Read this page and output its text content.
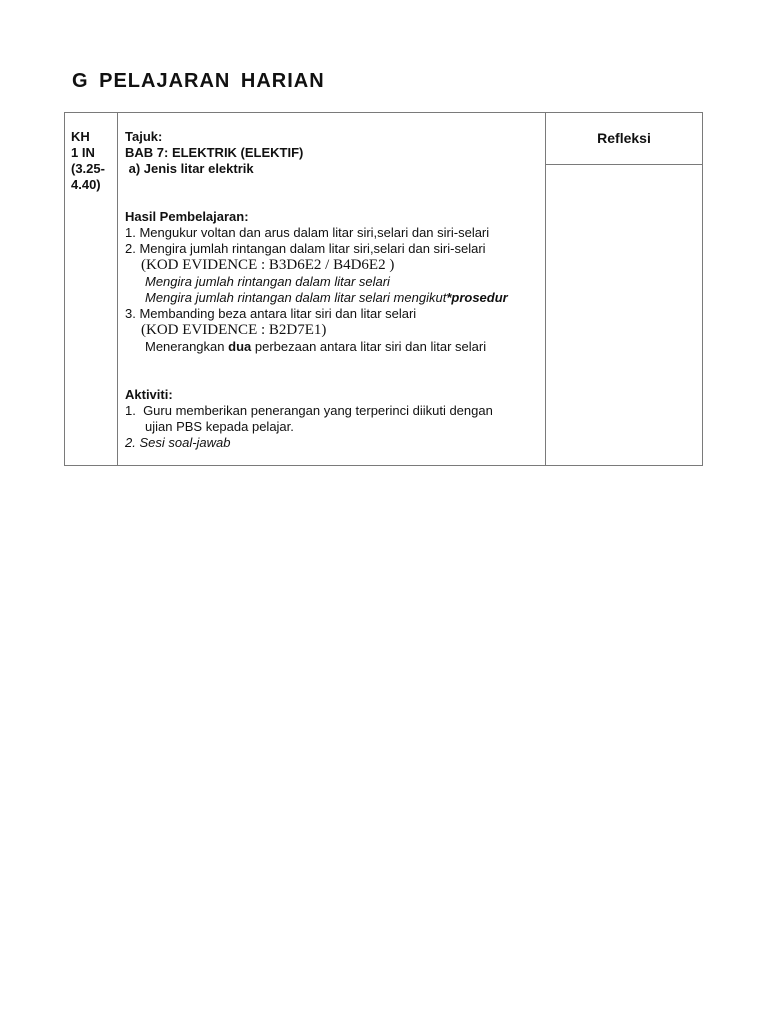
G PELAJARAN HARIAN
KH
1 IN
(3.25-
4.40)
Tajuk:
BAB 7: ELEKTRIK (ELEKTIF)
a) Jenis litar elektrik
Hasil Pembelajaran:
1. Mengukur voltan dan arus dalam litar siri,selari dan siri-selari
2. Mengira jumlah rintangan dalam litar siri,selari dan siri-selari
(KOD EVIDENCE : B3D6E2 / B4D6E2 )
Mengira jumlah rintangan dalam litar selari
Mengira jumlah rintangan dalam litar selari mengikut*prosedur
3. Membanding beza antara litar siri dan litar selari
(KOD EVIDENCE : B2D7E1)
Menerangkan dua perbezaan antara litar siri dan litar selari
Aktiviti:
1.  Guru memberikan penerangan yang terperinci diikuti dengan
ujian PBS kepada pelajar.
2. Sesi soal-jawab
Refleksi
